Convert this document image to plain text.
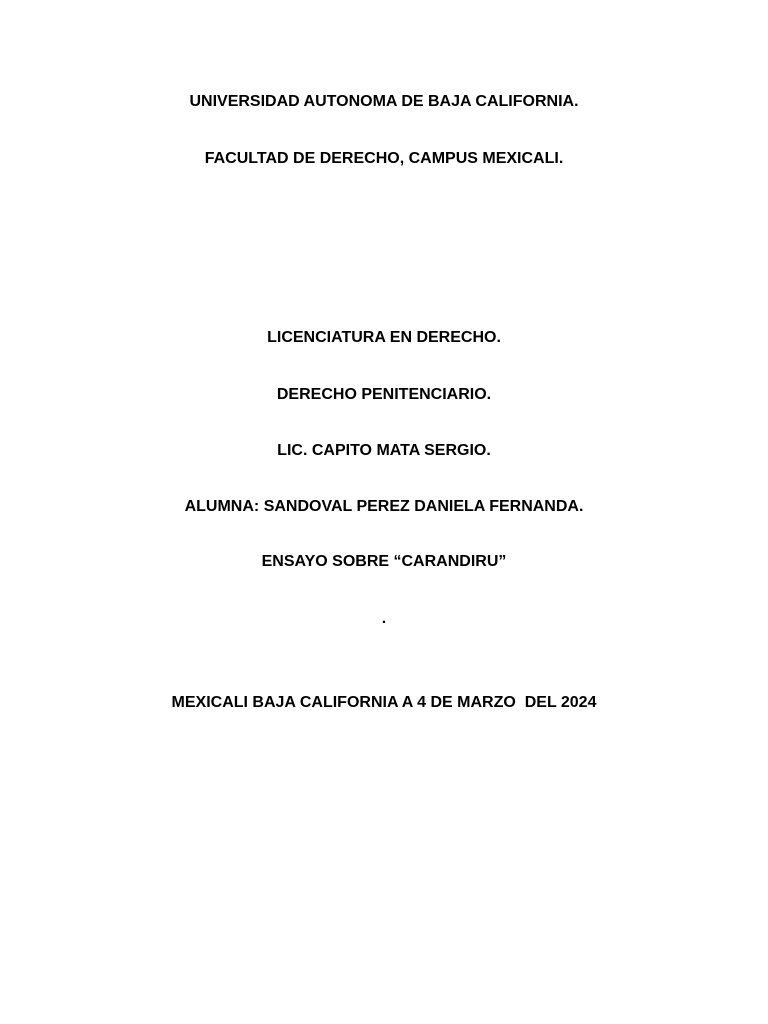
UNIVERSIDAD AUTONOMA DE BAJA CALIFORNIA.
FACULTAD DE DERECHO, CAMPUS MEXICALI.
LICENCIATURA EN DERECHO.
DERECHO PENITENCIARIO.
LIC. CAPITO MATA SERGIO.
ALUMNA: SANDOVAL PEREZ DANIELA FERNANDA.
ENSAYO SOBRE “CARANDIRU”
.
MEXICALI BAJA CALIFORNIA A 4 DE MARZO  DEL 2024
